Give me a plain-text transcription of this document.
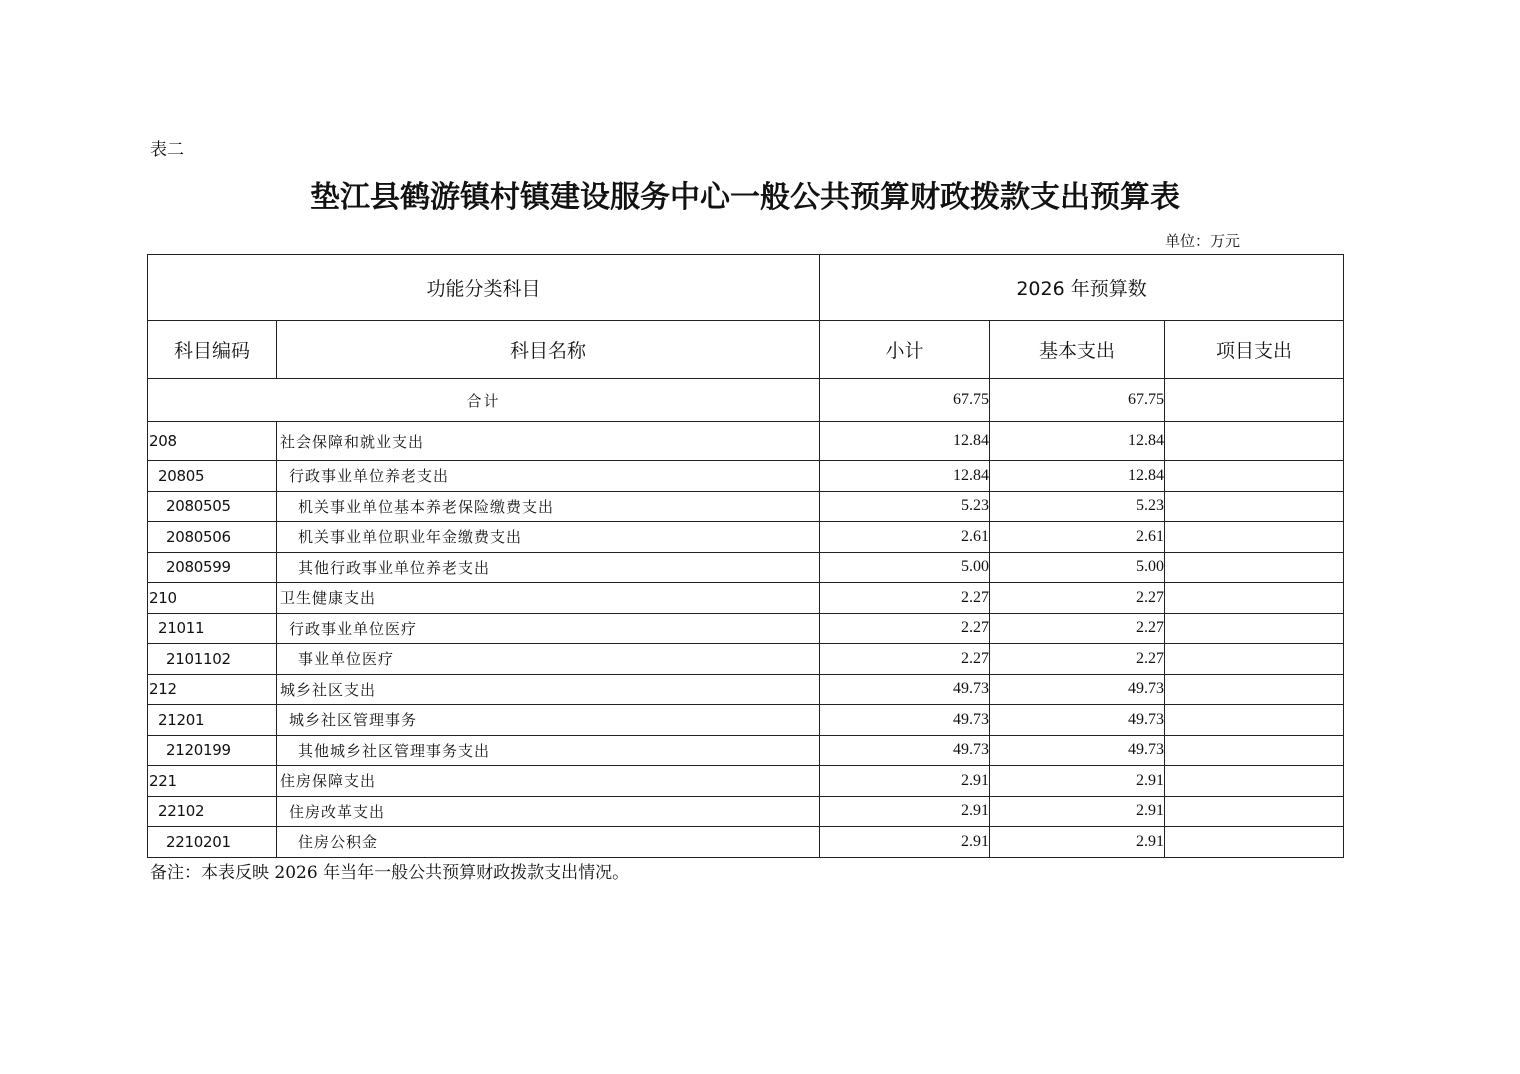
表二
垫江县鹤游镇村镇建设服务中心一般公共预算财政拨款支出预算表
单位：万元
功能分类科目		2026 年预算数		
科目编码	科目名称	小计	基本支出	项目支出
合计		67.75	67.75	
208	社会保障和就业支出	12.84	12.84	
20805	行政事业单位养老支出	12.84	12.84	
2080505	机关事业单位基本养老保险缴费支出	5.23	5.23	
2080506	机关事业单位职业年金缴费支出	2.61	2.61	
2080599	其他行政事业单位养老支出	5.00	5.00	
210	卫生健康支出	2.27	2.27	
21011	行政事业单位医疗	2.27	2.27	
2101102	事业单位医疗	2.27	2.27	
212	城乡社区支出	49.73	49.73	
21201	城乡社区管理事务	49.73	49.73	
2120199	其他城乡社区管理事务支出	49.73	49.73	
221	住房保障支出	2.91	2.91	
22102	住房改革支出	2.91	2.91	
2210201	住房公积金	2.91	2.91	
备注：本表反映 2026 年当年一般公共预算财政拨款支出情况。
